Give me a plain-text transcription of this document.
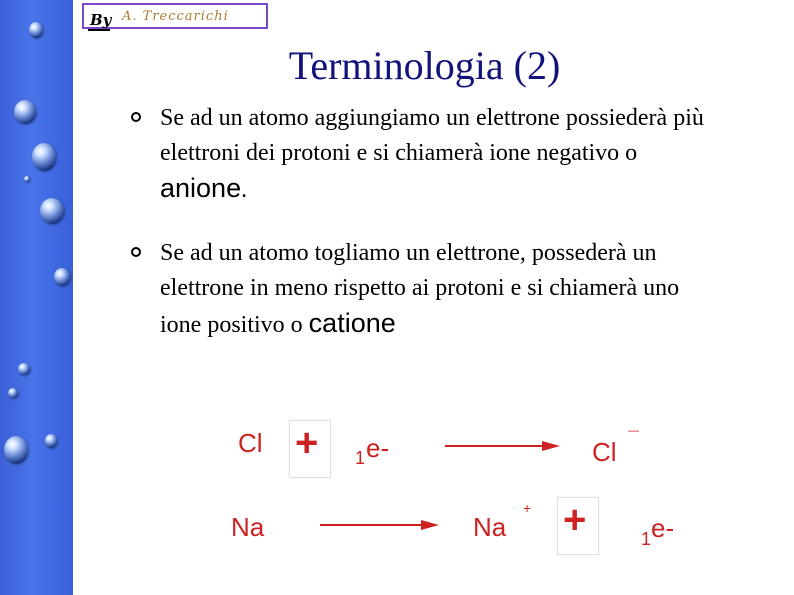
By A. Treccarichi
Terminologia (2)
Se ad un atomo aggiungiamo un elettrone possiederà più elettroni dei protoni e si chiamerà ione negativo o anione.
Se ad un atomo togliamo un elettrone, possederà un elettrone in meno rispetto ai protoni e si chiamerà uno ione positivo o catione
Cl + 1 e-	Cl
—
Na	Na
+ +	1 e-
